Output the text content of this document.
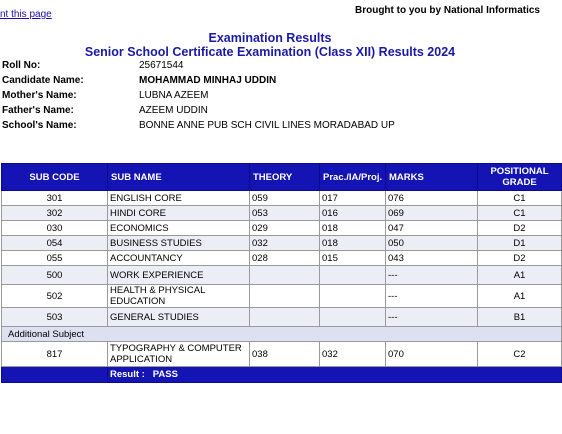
nt this page	Brought to you by National Informatics
Examination Results
Senior School Certificate Examination (Class XII) Results 2024
Roll No:	25671544
Candidate Name:	MOHAMMAD MINHAJ UDDIN
Mother's Name:	LUBNA AZEEM
Father's Name:	AZEEM UDDIN
School's Name:	BONNE ANNE PUB SCH CIVIL LINES MORADABAD UP
SUB CODE	SUB NAME	THEORY	Prac./IA/Proj.	MARKS	POSITIONAL GRADE
301	ENGLISH CORE	059	017	076	C1
302	HINDI CORE	053	016	069	C1
030	ECONOMICS	029	018	047	D2
054	BUSINESS STUDIES	032	018	050	D1
055	ACCOUNTANCY	028	015	043	D2
500	WORK EXPERIENCE			---	A1
502	HEALTH & PHYSICAL EDUCATION			---	A1
503	GENERAL STUDIES			---	B1
Additional Subject					
817	TYPOGRAPHY & COMPUTER APPLICATION	038	032	070	C2
	Result :   PASS				
